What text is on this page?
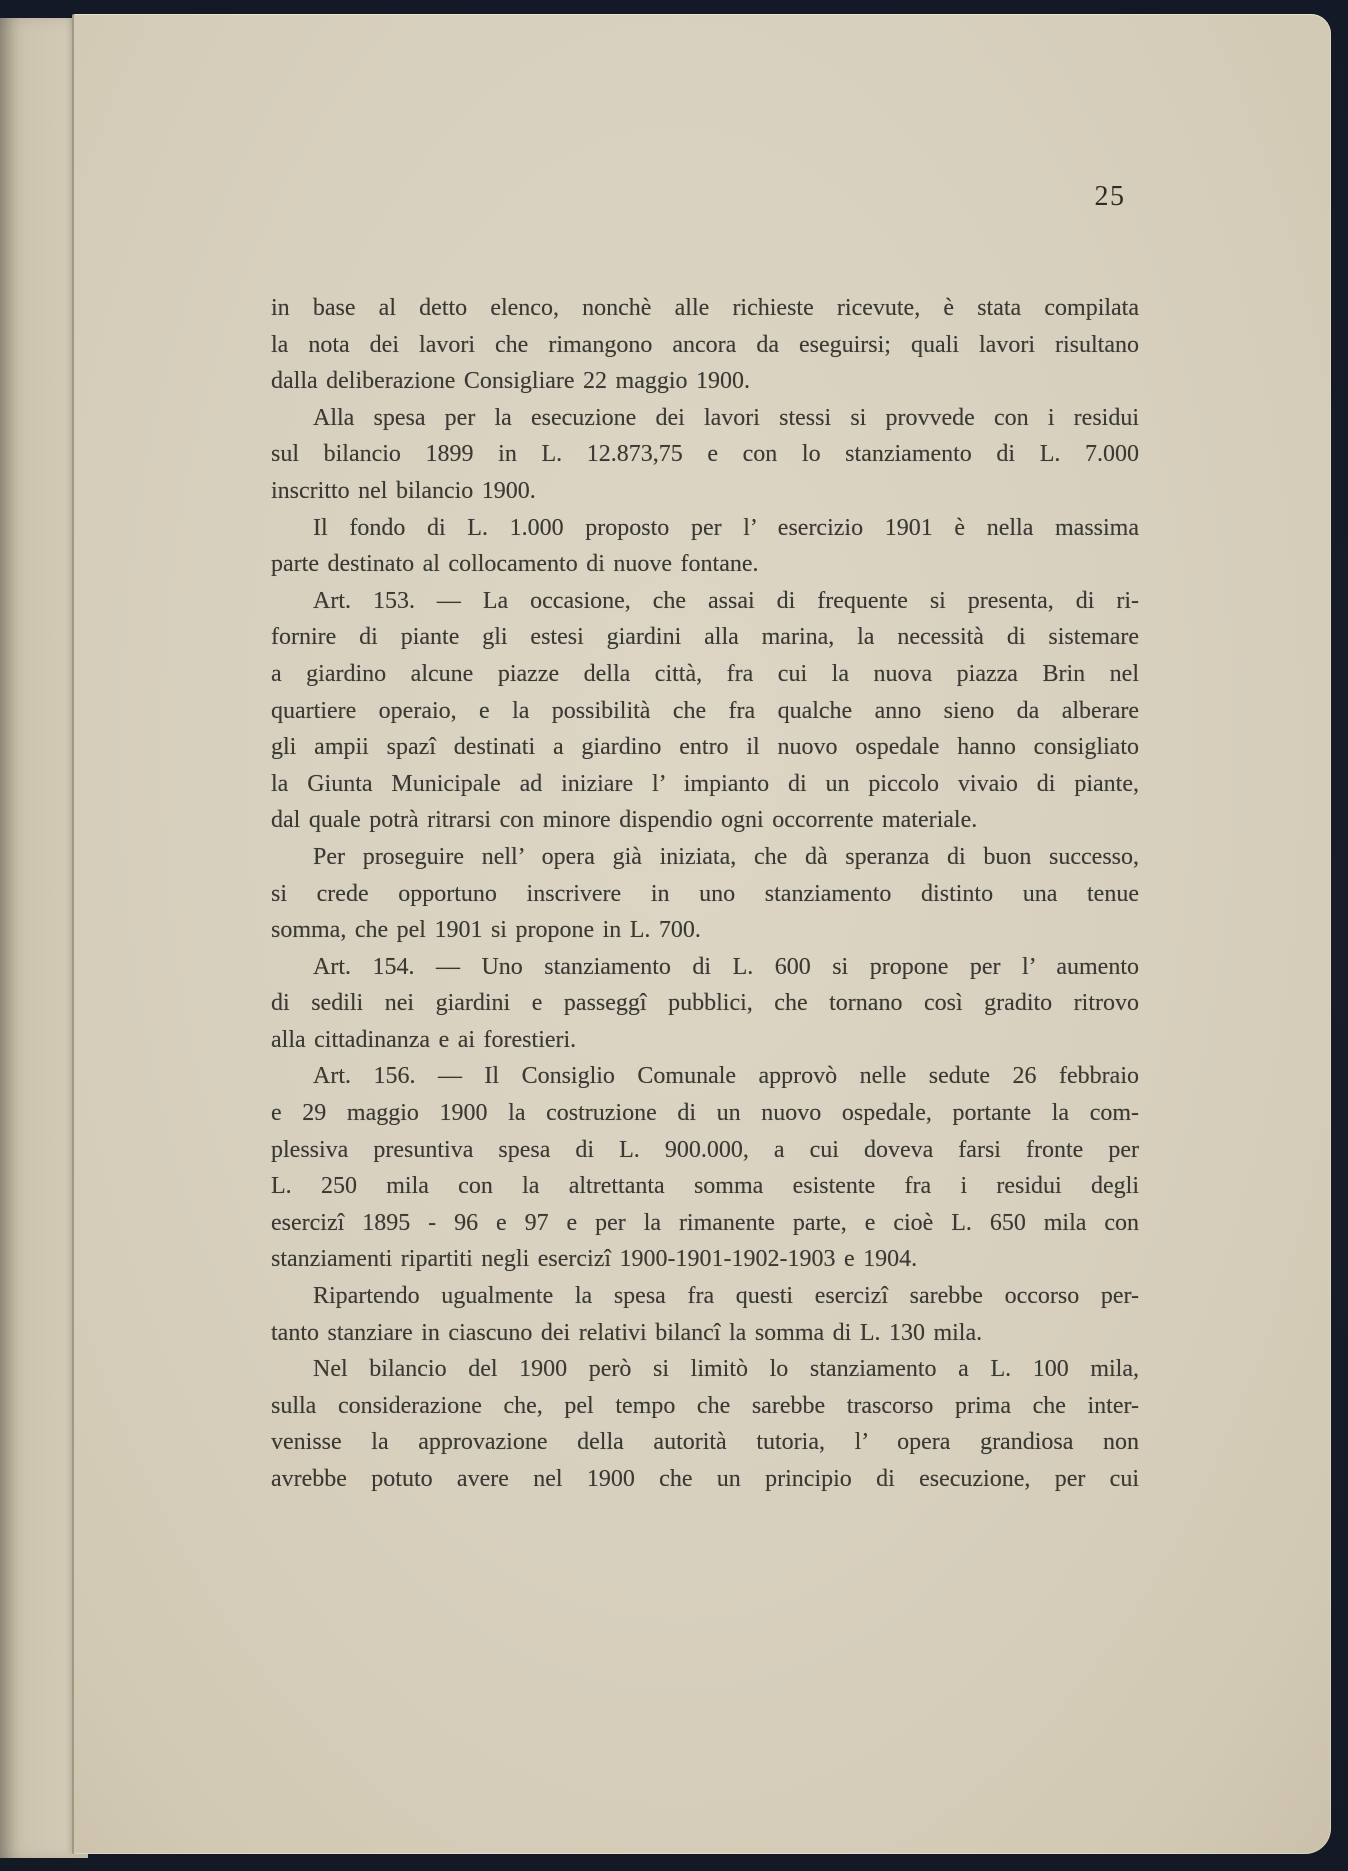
25
in base al detto elenco, nonchè alle richieste ricevute, è stata compilata
la nota dei lavori che rimangono ancora da eseguirsi; quali lavori risultano
dalla deliberazione Consigliare 22 maggio 1900.
Alla spesa per la esecuzione dei lavori stessi si provvede con i residui
sul bilancio 1899 in L. 12.873,75 e con lo stanziamento di L. 7.000
inscritto nel bilancio 1900.
Il fondo di L. 1.000 proposto per l’ esercizio 1901 è nella massima
parte destinato al collocamento di nuove fontane.
Art. 153. — La occasione, che assai di frequente si presenta, di ri-
fornire di piante gli estesi giardini alla marina, la necessità di sistemare
a giardino alcune piazze della città, fra cui la nuova piazza Brin nel
quartiere operaio, e la possibilità che fra qualche anno sieno da alberare
gli ampii spazî destinati a giardino entro il nuovo ospedale hanno consigliato
la Giunta Municipale ad iniziare l’ impianto di un piccolo vivaio di piante,
dal quale potrà ritrarsi con minore dispendio ogni occorrente materiale.
Per proseguire nell’ opera già iniziata, che dà speranza di buon successo,
si crede opportuno inscrivere in uno stanziamento distinto una tenue
somma, che pel 1901 si propone in L. 700.
Art. 154. — Uno stanziamento di L. 600 si propone per l’ aumento
di sedili nei giardini e passeggî pubblici, che tornano così gradito ritrovo
alla cittadinanza e ai forestieri.
Art. 156. — Il Consiglio Comunale approvò nelle sedute 26 febbraio
e 29 maggio 1900 la costruzione di un nuovo ospedale, portante la com-
plessiva presuntiva spesa di L. 900.000, a cui doveva farsi fronte per
L. 250 mila con la altrettanta somma esistente fra i residui degli
esercizî 1895 - 96 e 97 e per la rimanente parte, e cioè L. 650 mila con
stanziamenti ripartiti negli esercizî 1900-1901-1902-1903 e 1904.
Ripartendo ugualmente la spesa fra questi esercizî sarebbe occorso per-
tanto stanziare in ciascuno dei relativi bilancî la somma di L. 130 mila.
Nel bilancio del 1900 però si limitò lo stanziamento a L. 100 mila,
sulla considerazione che, pel tempo che sarebbe trascorso prima che inter-
venisse la approvazione della autorità tutoria, l’ opera grandiosa non
avrebbe potuto avere nel 1900 che un principio di esecuzione, per cui
